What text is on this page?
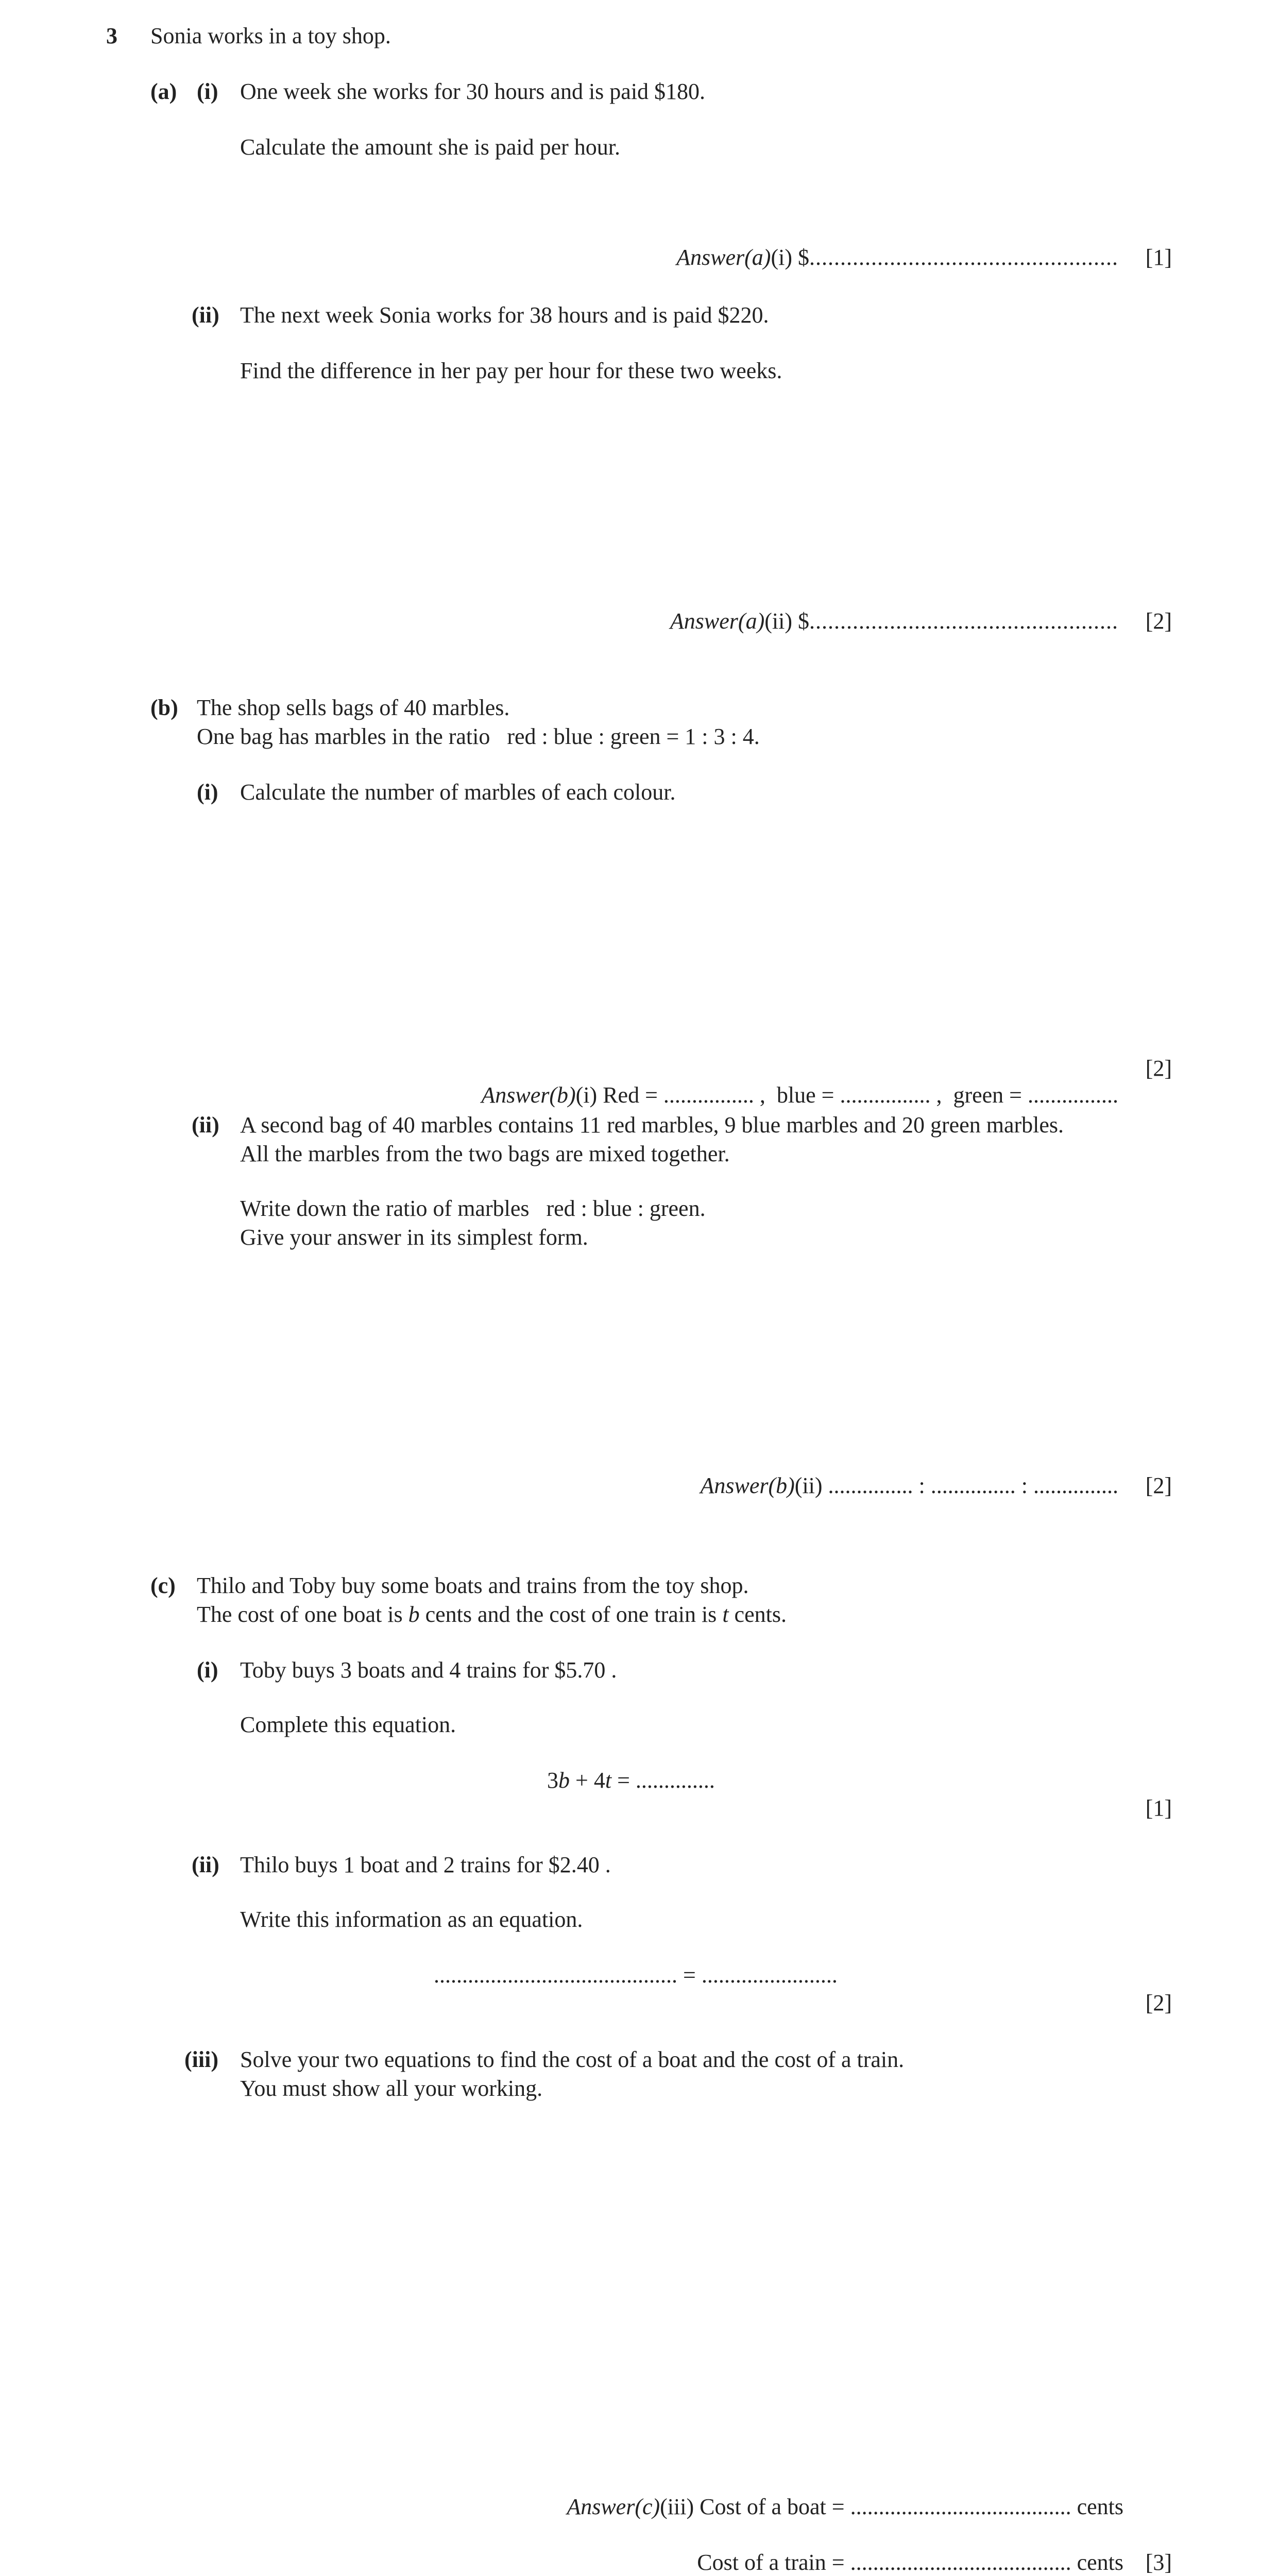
3 Sonia works in a toy shop.
(a) (i) One week she works for 30 hours and is paid $180.
Calculate the amount she is paid per hour.
Answer(a)(i) $.................................................. [1]
(ii) The next week Sonia works for 38 hours and is paid $220.
Find the difference in her pay per hour for these two weeks.
Answer(a)(ii) $.................................................. [2]
(b) The shop sells bags of 40 marbles.
One bag has marbles in the ratio   red : blue : green = 1 : 3 : 4.
(i) Calculate the number of marbles of each colour.

Answer(b)(i) Red = ................ ,  blue = ................ ,  green = ................

[2]
(ii) A second bag of 40 marbles contains 11 red marbles, 9 blue marbles and 20 green marbles.
All the marbles from the two bags are mixed together.
Write down the ratio of marbles   red : blue : green.
Give your answer in its simplest form.
Answer(b)(ii) ............... : ............... : ............... [2]
(c) Thilo and Toby buy some boats and trains from the toy shop.
The cost of one boat is b cents and the cost of one train is t cents.
(i) Toby buys 3 boats and 4 trains for $5.70 .
Complete this equation.
3b + 4t = ..............
[1]
(ii) Thilo buys 1 boat and 2 trains for $2.40 .
Write this information as an equation.
........................................... = ........................
[2]
(iii) Solve your two equations to find the cost of a boat and the cost of a train.
You must show all your working.
Answer(c)(iii) Cost of a boat = ....................................... cents
Cost of a train = ....................................... cents [3]
